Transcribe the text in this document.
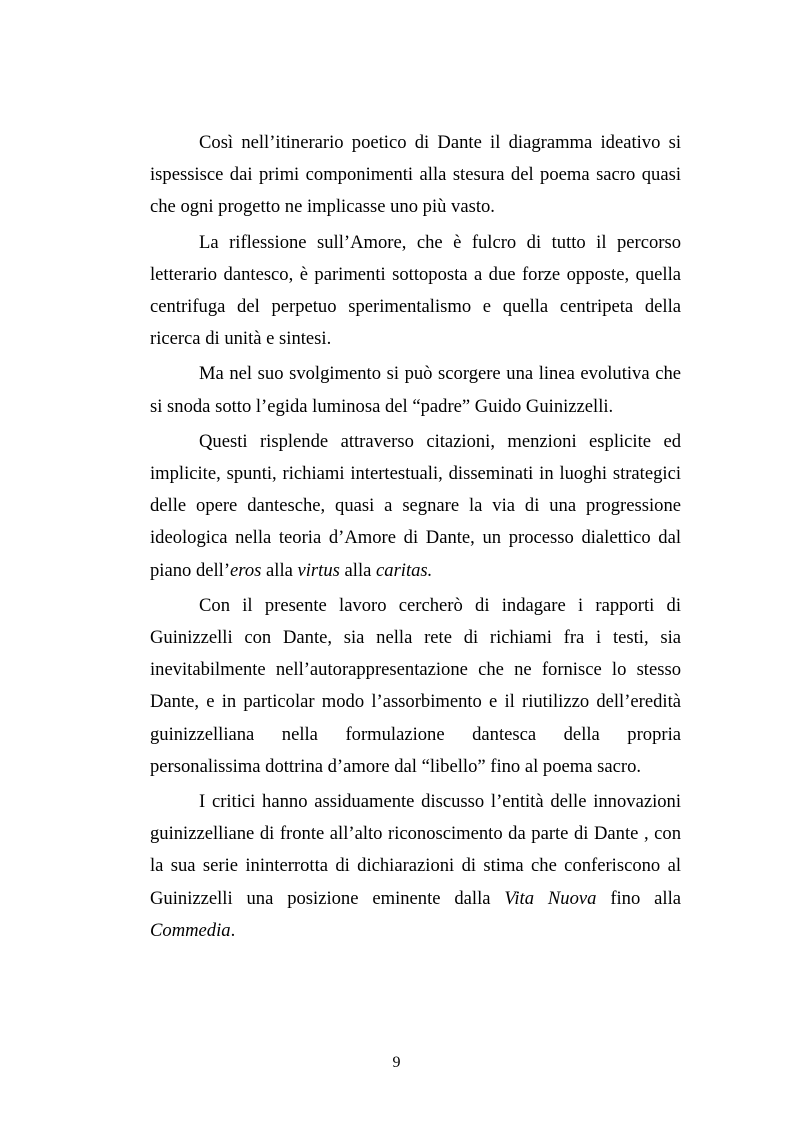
Così nell’itinerario poetico di Dante il diagramma ideativo si ispessisce dai primi componimenti alla stesura del poema sacro quasi che ogni progetto ne implicasse uno più vasto.

La riflessione sull’Amore, che è fulcro di tutto il percorso letterario dantesco, è parimenti sottoposta a due forze opposte, quella centrifuga del perpetuo sperimentalismo e quella centripeta della ricerca di unità e sintesi.

Ma nel suo svolgimento si può scorgere una linea evolutiva che si snoda sotto l’egida luminosa del “padre” Guido Guinizzelli.

Questi risplende attraverso citazioni, menzioni esplicite ed implicite, spunti, richiami intertestuali, disseminati in luoghi strategici delle opere dantesche, quasi a segnare la via di una progressione ideologica nella teoria d’Amore di Dante, un processo dialettico dal piano dell’eros alla virtus alla caritas.

Con il presente lavoro cercherò di indagare i rapporti di Guinizzelli con Dante, sia nella rete di richiami fra i testi, sia inevitabilmente nell’autorappresentazione che ne fornisce lo stesso Dante, e in particolar modo l’assorbimento e il riutilizzo dell’eredità guinizzelliana nella formulazione dantesca della propria personalissima dottrina d’amore dal “libello” fino al poema sacro.

I critici hanno assiduamente discusso l’entità delle innovazioni guinizzelliane di fronte all’alto riconoscimento da parte di Dante , con la sua serie ininterrotta di dichiarazioni di stima che conferiscono al Guinizzelli una posizione eminente dalla Vita Nuova fino alla Commedia.

9
